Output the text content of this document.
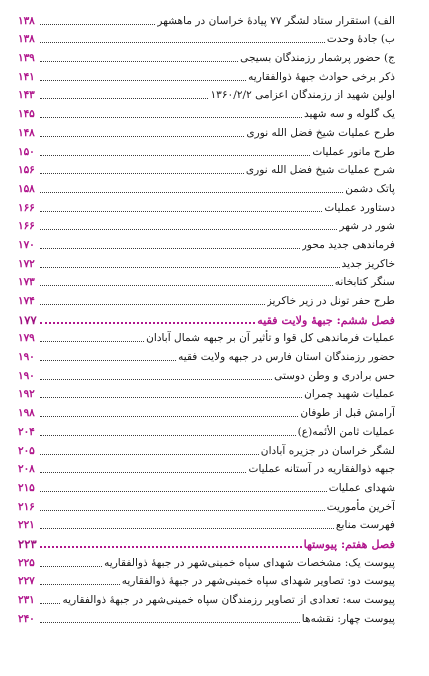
الف) استقرار ستاد لشگر ۷۷ پیادهٔ خراسان در ماهشهر
۱۳۸
ب) جادهٔ وحدت
۱۳۸
ج) حضور پرشمار رزمندگان بسیجی
۱۳۹
ذکر برخی حوادث جبههٔ ذوالفقاریه
۱۴۱
اولین شهید از رزمندگان اعزامی ۱۳۶۰/۲/۲
۱۴۳
یک گلوله و سه شهید
۱۴۵
طرح عملیات شیخ فضل الله نوری
۱۴۸
طرح مانور عملیات
۱۵۰
شرح عملیات شیخ فضل الله نوری
۱۵۶
پاتک دشمن
۱۵۸
دستاورد عملیات
۱۶۶
شور در شهر
۱۶۶
فرماندهی جدید محور
۱۷۰
خاکریز جدید
۱۷۲
سنگر کتابخانه
۱۷۳
طرح حفر تونل در زیر خاکریز
۱۷۴
فصل ششم: جبههٔ ولایت فقیه
۱۷۷
عملیات فرماندهی کل قوا و تأثیر آن بر جبهه شمال آبادان
۱۷۹
حضور رزمندگان استان فارس در جبهه ولایت فقیه
۱۹۰
حس برادری و وطن دوستی
۱۹۰
عملیات شهید چمران
۱۹۲
آرامش قبل از طوفان
۱۹۸
عملیات ثامن الأئمه(ع)
۲۰۴
لشگر خراسان در جزیره آبادان
۲۰۵
جبهه ذوالفقاریه در آستانه عملیات
۲۰۸
شهدای عملیات
۲۱۵
آخرین مأموریت
۲۱۶
فهرست منابع
۲۲۱
فصل هفتم: پیوستها
۲۲۳
پیوست یک: مشخصات شهدای سپاه خمینی‌شهر در جبههٔ ذوالفقاریه
۲۲۵
پیوست دو: تصاویر شهدای سپاه خمینی‌شهر در جبههٔ ذوالفقاریه
۲۲۷
پیوست سه: تعدادی از تصاویر رزمندگان سپاه خمینی‌شهر در جبههٔ ذوالفقاریه
۲۳۱
پیوست چهار: نقشه‌ها
۲۴۰
